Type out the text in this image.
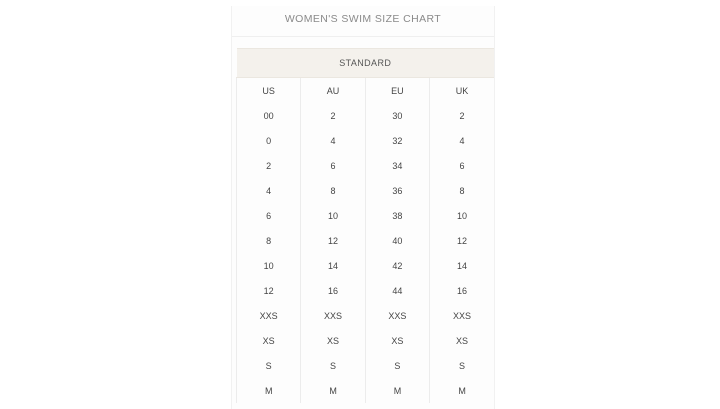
WOMEN'S SWIM SIZE CHART
STANDARD			
US	AU	EU	UK
00	2	30	2
0	4	32	4
2	6	34	6
4	8	36	8
6	10	38	10
8	12	40	12
10	14	42	14
12	16	44	16
XXS	XXS	XXS	XXS
XS	XS	XS	XS
S	S	S	S
M	M	M	M
